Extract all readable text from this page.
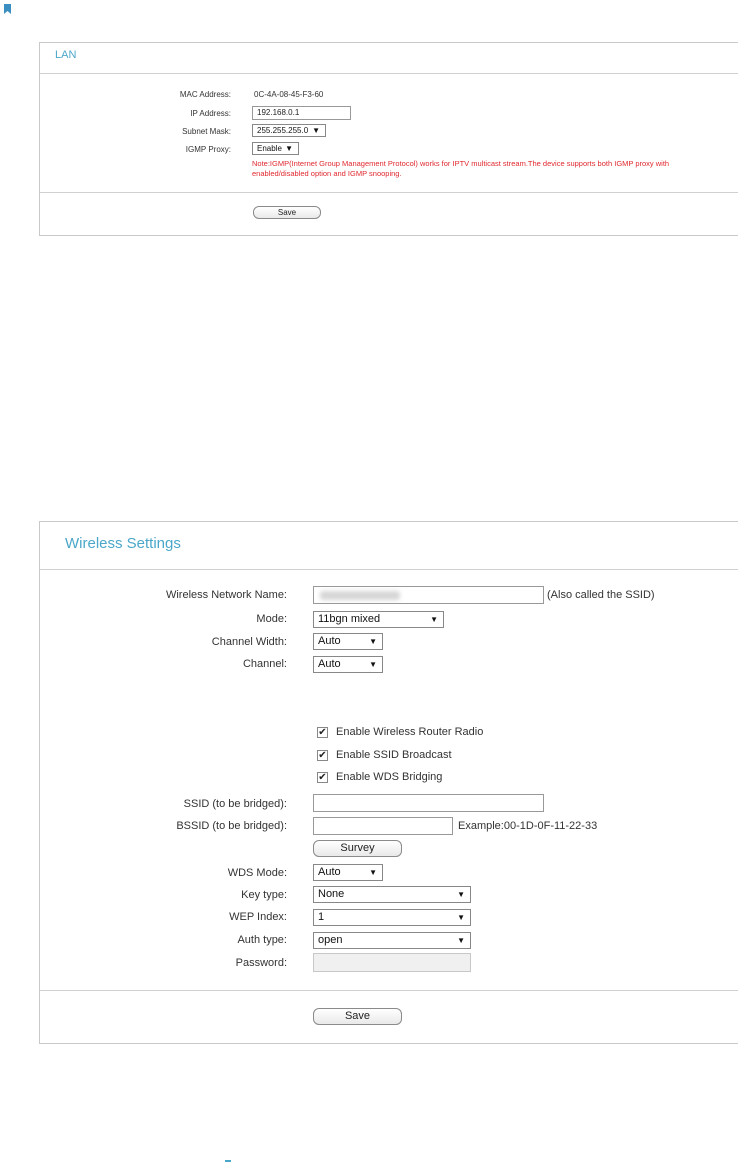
LAN
MAC Address:	0C-4A-08-45-F3-60
IP Address:	192.168.0.1
Subnet Mask:	255.255.255.0 ▼
IGMP Proxy:	Enable ▼
Note:IGMP(Internet Group Management Protocol) works for IPTV multicast stream.The device supports both IGMP proxy with enabled/disabled option and IGMP snooping.
Save
Wireless Settings
Wireless Network Name:	(Also called the SSID)
Mode:	11bgn mixed	▼
Channel Width:	Auto	▼
Channel:	Auto	▼
✔ Enable Wireless Router Radio
✔ Enable SSID Broadcast
✔ Enable WDS Bridging
SSID (to be bridged):
BSSID (to be bridged):	Example:00-1D-0F-11-22-33
Survey
WDS Mode:	Auto	▼
Key type:	None	▼
WEP Index:	1	▼
Auth type:	open	▼
Password:
Save
